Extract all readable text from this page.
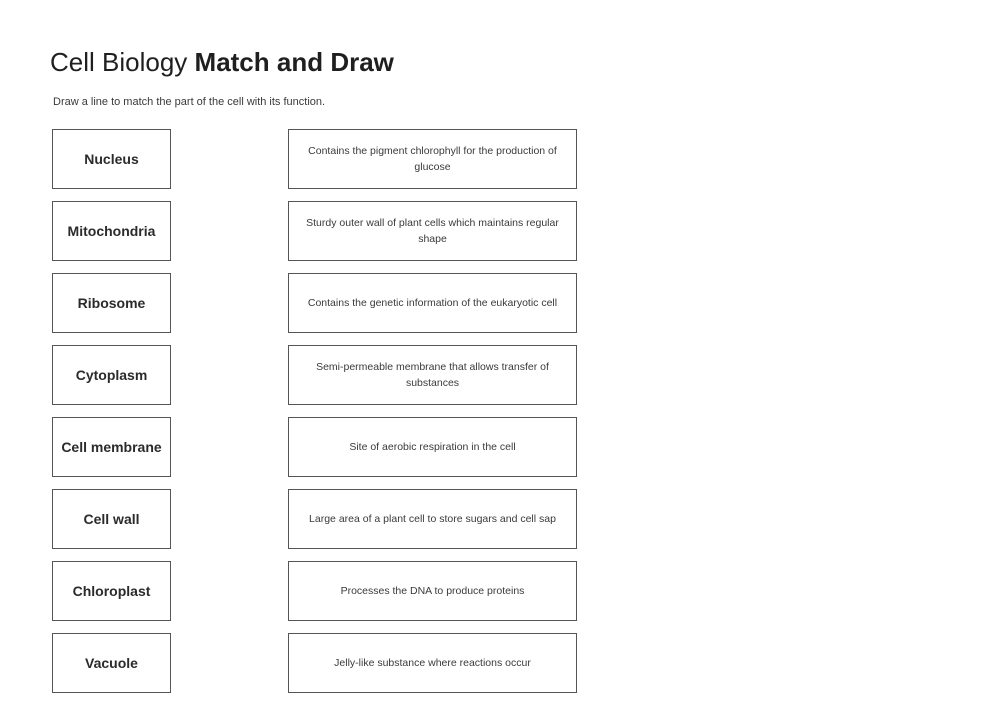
Cell Biology Match and Draw
Draw a line to match the part of the cell with its function.
Nucleus
Mitochondria
Ribosome
Cytoplasm
Cell membrane
Cell wall
Chloroplast
Vacuole
Contains the pigment chlorophyll for the production of glucose
Sturdy outer wall of plant cells which maintains regular shape
Contains the genetic information of the eukaryotic cell
Semi-permeable membrane that allows transfer of substances
Site of aerobic respiration in the cell
Large area of a plant cell to store sugars and cell sap
Processes the DNA to produce proteins
Jelly-like substance where reactions occur
